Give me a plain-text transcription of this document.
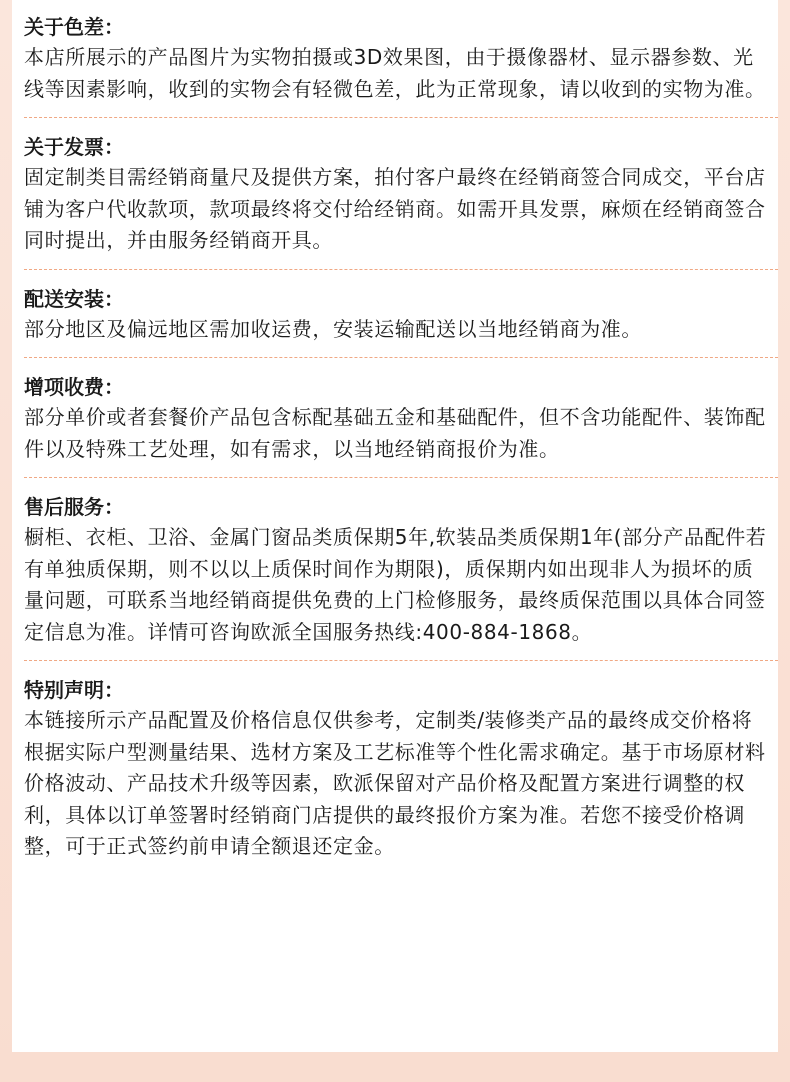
关于色差：

本店所展示的产品图片为实物拍摄或3D效果图，由于摄像器材、显示器参数、光 线等因素影响，收到的实物会有轻微色差，此为正常现象，请以收到的实物为准。

关于发票：

固定制类目需经销商量尺及提供方案，拍付客户最终在经销商签合同成交，平台店铺为客户代收款项，款项最终将交付给经销商。如需开具发票，麻烦在经销商签合同时提出，并由服务经销商开具。

配送安装：

部分地区及偏远地区需加收运费，安装运输配送以当地经销商为准。

增项收费：

部分单价或者套餐价产品包含标配基础五金和基础配件，但不含功能配件、装饰配件以及特殊工艺处理，如有需求，以当地经销商报价为准。

售后服务：

橱柜、衣柜、卫浴、金属门窗品类质保期5年,软装品类质保期1年(部分产品配件若有单独质保期，则不以以上质保时间作为期限)，质保期内如出现非人为损坏的质量问题，可联系当地经销商提供免费的上门检修服务，最终质保范围以具体合同签定信息为准。详情可咨询欧派全国服务热线:400-884-1868。

特别声明：

本链接所示产品配置及价格信息仅供参考，定制类/装修类产品的最终成交价格将根据实际户型测量结果、选材方案及工艺标准等个性化需求确定。基于市场原材料价格波动、产品技术升级等因素，欧派保留对产品价格及配置方案进行调整的权利，具体以订单签署时经销商门店提供的最终报价方案为准。若您不接受价格调整，可于正式签约前申请全额退还定金。
